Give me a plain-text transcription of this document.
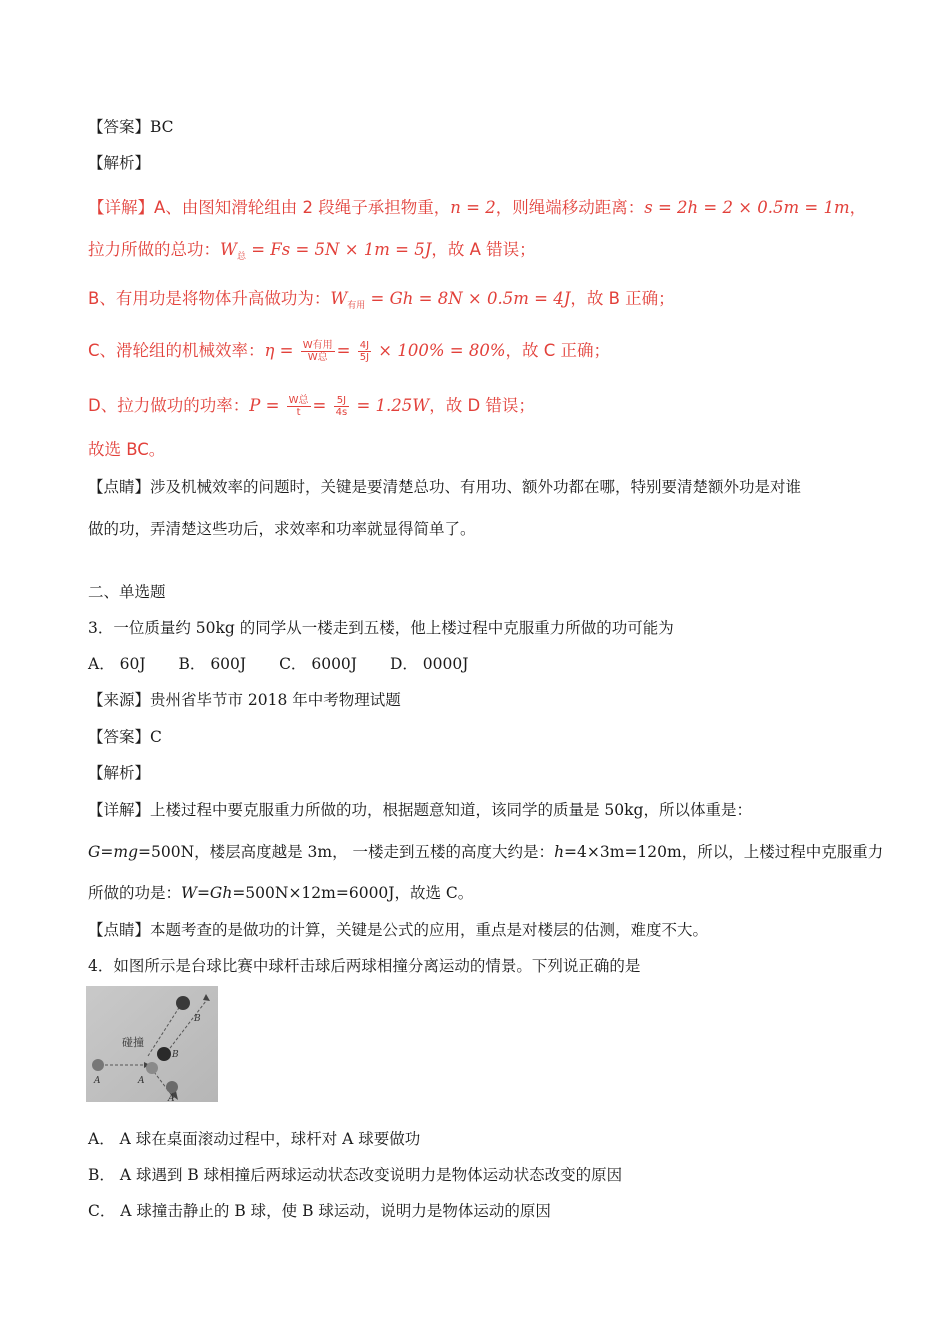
【答案】BC
【解析】
【详解】A、由图知滑轮组由 2 段绳子承担物重，n = 2，则绳端移动距离：s = 2h = 2 × 0.5m = 1m，
拉力所做的总功：$W_总 = Fs = 5N \times 1m = 5J$，故 A 错误；
B、有用功是将物体升高做功为：$W_{有用} = Gh = 8N \times 0.5m = 4J$，故 B 正确；
C、滑轮组的机械效率：$\eta = \frac{\text{W有用}}{\text{W总}} = \frac{4J}{5J} \times 100\% = 80\%$，故 C 正确；
D、拉力做功的功率：$P = \frac{\text{W总}}{t} = \frac{5J}{4s} = 1.25W$，故 D 错误；
故选 BC。
【点睛】涉及机械效率的问题时，关键是要清楚总功、有用功、额外功都在哪，特别要清楚额外功是对谁
做的功，弄清楚这些功后，求效率和功率就显得简单了。
二、单选题
3．一位质量约 50kg 的同学从一楼走到五楼，他上楼过程中克服重力所做的功可能为
A． 60J B． 600J C． 6000J D． 0000J
【来源】贵州省毕节市 2018 年中考物理试题
【答案】C
【解析】
【详解】上楼过程中要克服重力所做的功，根据题意知道，该同学的质量是 50kg，所以体重是：
G=mg=500N，楼层高度越是 3m， 一楼走到五楼的高度大约是：h=4×3m=120m，所以，上楼过程中克服重力
所做的功是：W=Gh=500N×12m=6000J，故选 C。
【点睛】本题考查的是做功的计算，关键是公式的应用，重点是对楼层的估测，难度不大。
4．如图所示是台球比赛中球杆击球后两球相撞分离运动的情景。下列说正确的是
碰撞
A
B
A
B
A
A． A 球在桌面滚动过程中，球杆对 A 球要做功
B． A 球遇到 B 球相撞后两球运动状态改变说明力是物体运动状态改变的原因
C． A 球撞击静止的 B 球，使 B 球运动，说明力是物体运动的原因
